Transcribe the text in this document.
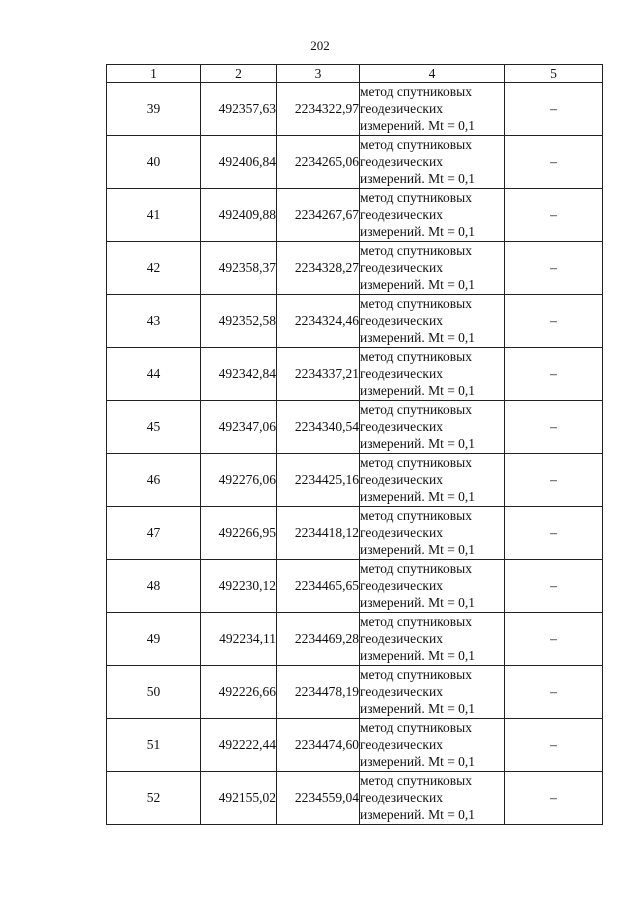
202
1	2	3	4	5
39	492357,63	2234322,97	метод спутниковых
геодезических
измерений. Mt = 0,1	–
40	492406,84	2234265,06	метод спутниковых
геодезических
измерений. Mt = 0,1	–
41	492409,88	2234267,67	метод спутниковых
геодезических
измерений. Mt = 0,1	–
42	492358,37	2234328,27	метод спутниковых
геодезических
измерений. Mt = 0,1	–
43	492352,58	2234324,46	метод спутниковых
геодезических
измерений. Mt = 0,1	–
44	492342,84	2234337,21	метод спутниковых
геодезических
измерений. Mt = 0,1	–
45	492347,06	2234340,54	метод спутниковых
геодезических
измерений. Mt = 0,1	–
46	492276,06	2234425,16	метод спутниковых
геодезических
измерений. Mt = 0,1	–
47	492266,95	2234418,12	метод спутниковых
геодезических
измерений. Mt = 0,1	–
48	492230,12	2234465,65	метод спутниковых
геодезических
измерений. Mt = 0,1	–
49	492234,11	2234469,28	метод спутниковых
геодезических
измерений. Mt = 0,1	–
50	492226,66	2234478,19	метод спутниковых
геодезических
измерений. Mt = 0,1	–
51	492222,44	2234474,60	метод спутниковых
геодезических
измерений. Mt = 0,1	–
52	492155,02	2234559,04	метод спутниковых
геодезических
измерений. Mt = 0,1	–
